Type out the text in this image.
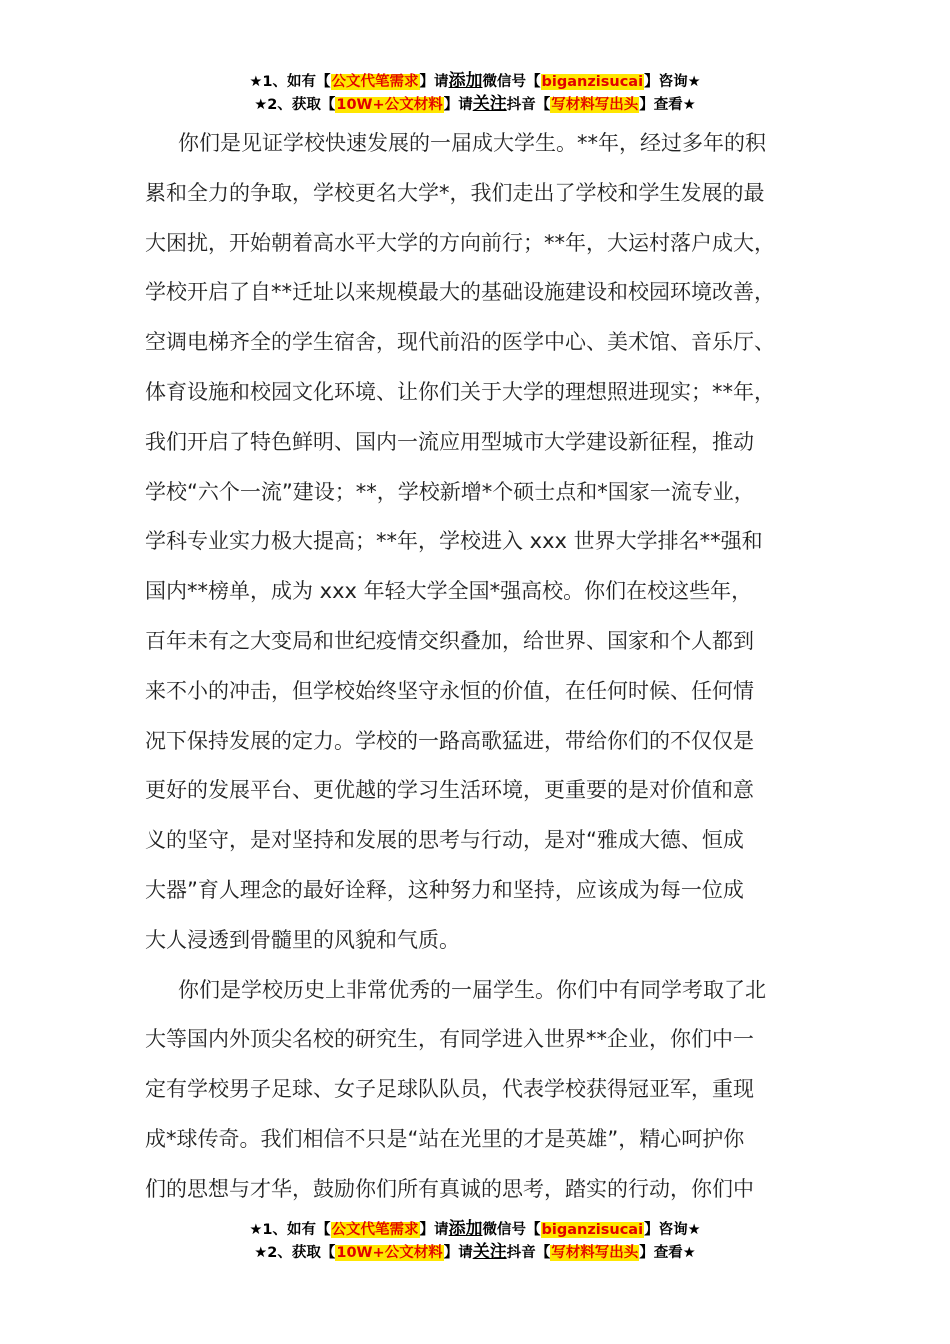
★1、如有【公文代笔需求】请添加微信号【biganzisucai】咨询★
★2、获取【10W+公文材料】请关注抖音【写材料写出头】查看★

你们是见证学校快速发展的一届成大学生。**年，经过多年的积
累和全力的争取，学校更名大学*，我们走出了学校和学生发展的最
大困扰，开始朝着高水平大学的方向前行；**年，大运村落户成大，
学校开启了自**迁址以来规模最大的基础设施建设和校园环境改善，
空调电梯齐全的学生宿舍，现代前沿的医学中心、美术馆、音乐厅、
体育设施和校园文化环境、让你们关于大学的理想照进现实；**年，
我们开启了特色鲜明、国内一流应用型城市大学建设新征程，推动
学校“六个一流”建设；**，学校新增*个硕士点和*国家一流专业，
学科专业实力极大提高；**年，学校进入 xxx 世界大学排名**强和
国内**榜单，成为 xxx 年轻大学全国*强高校。你们在校这些年，
百年未有之大变局和世纪疫情交织叠加，给世界、国家和个人都到
来不小的冲击，但学校始终坚守永恒的价值，在任何时候、任何情
况下保持发展的定力。学校的一路高歌猛进，带给你们的不仅仅是
更好的发展平台、更优越的学习生活环境，更重要的是对价值和意
义的坚守，是对坚持和发展的思考与行动，是对“雅成大德、恒成
大器”育人理念的最好诠释，这种努力和坚持，应该成为每一位成
大人浸透到骨髓里的风貌和气质。

你们是学校历史上非常优秀的一届学生。你们中有同学考取了北
大等国内外顶尖名校的研究生，有同学进入世界**企业，你们中一
定有学校男子足球、女子足球队队员，代表学校获得冠亚军，重现
成*球传奇。我们相信不只是“站在光里的才是英雄”，精心呵护你
们的思想与才华，鼓励你们所有真诚的思考，踏实的行动，你们中

★1、如有【公文代笔需求】请添加微信号【biganzisucai】咨询★
★2、获取【10W+公文材料】请关注抖音【写材料写出头】查看★
